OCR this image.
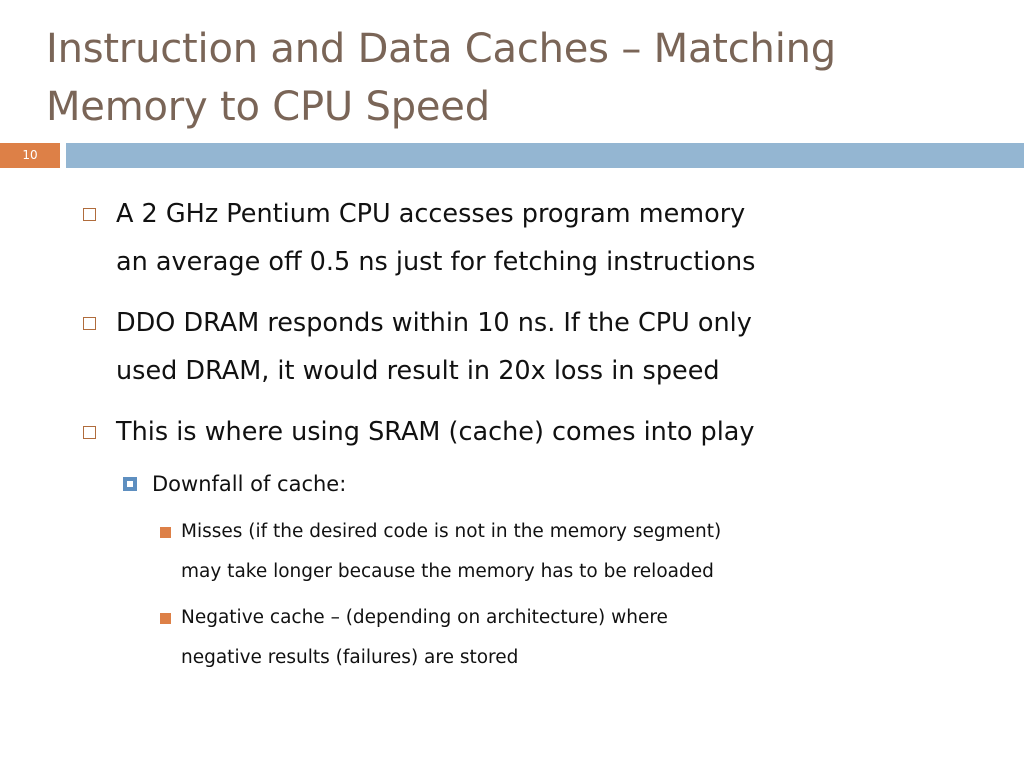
Instruction and Data Caches – Matching Memory to CPU Speed
10

A 2 GHz Pentium CPU accesses program memory
an average off 0.5 ns just for fetching instructions

DDO DRAM responds within 10 ns. If the CPU only
used DRAM, it would result in 20x loss in speed

This is where using SRAM (cache) comes into play

Downfall of cache:

Misses (if the desired code is not in the memory segment)
may take longer because the memory has to be reloaded

Negative cache – (depending on architecture) where
negative results (failures) are stored
